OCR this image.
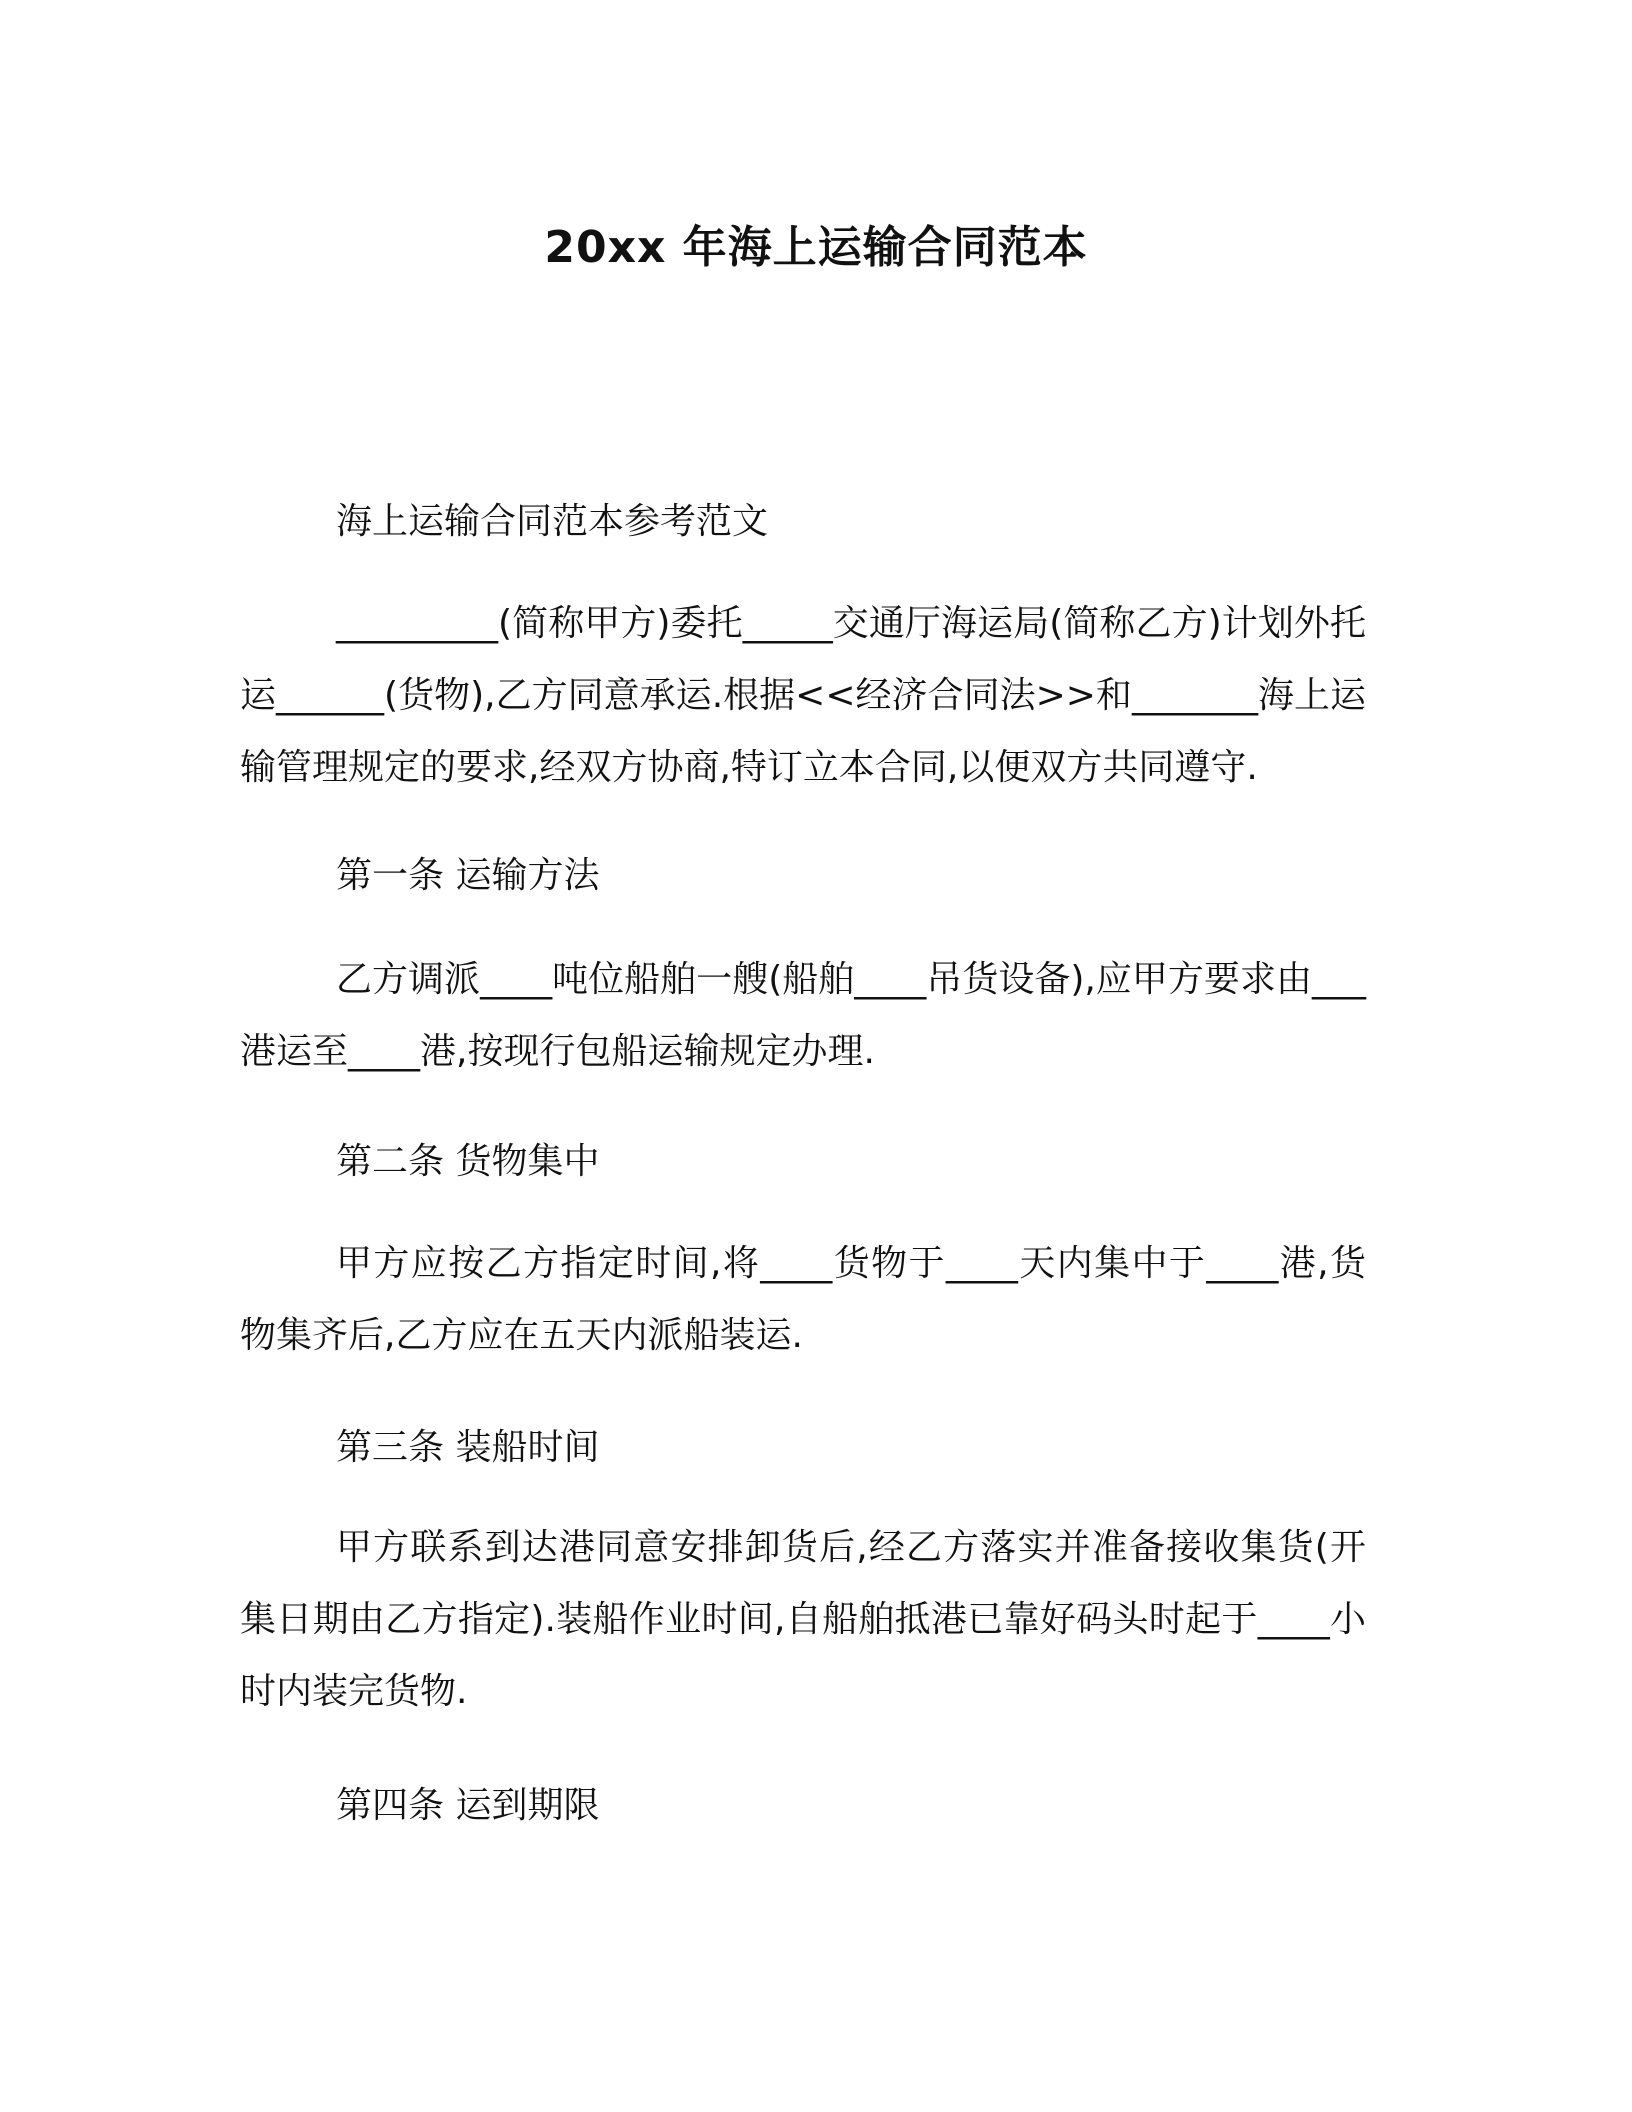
20xx 年海上运输合同范本
海上运输合同范本参考范文
_________(简称甲方)委托_____交通厅海运局(简称乙方)计划外托运______(货物),乙方同意承运.根据<<经济合同法>>和_______海上运输管理规定的要求,经双方协商,特订立本合同,以便双方共同遵守.
第一条 运输方法
乙方调派____吨位船舶一艘(船舶____吊货设备),应甲方要求由___港运至____港,按现行包船运输规定办理.
第二条 货物集中
甲方应按乙方指定时间,将____货物于____天内集中于____港,货物集齐后,乙方应在五天内派船装运.
第三条 装船时间
甲方联系到达港同意安排卸货后,经乙方落实并准备接收集货(开集日期由乙方指定).装船作业时间,自船舶抵港已靠好码头时起于____小时内装完货物.
第四条 运到期限
